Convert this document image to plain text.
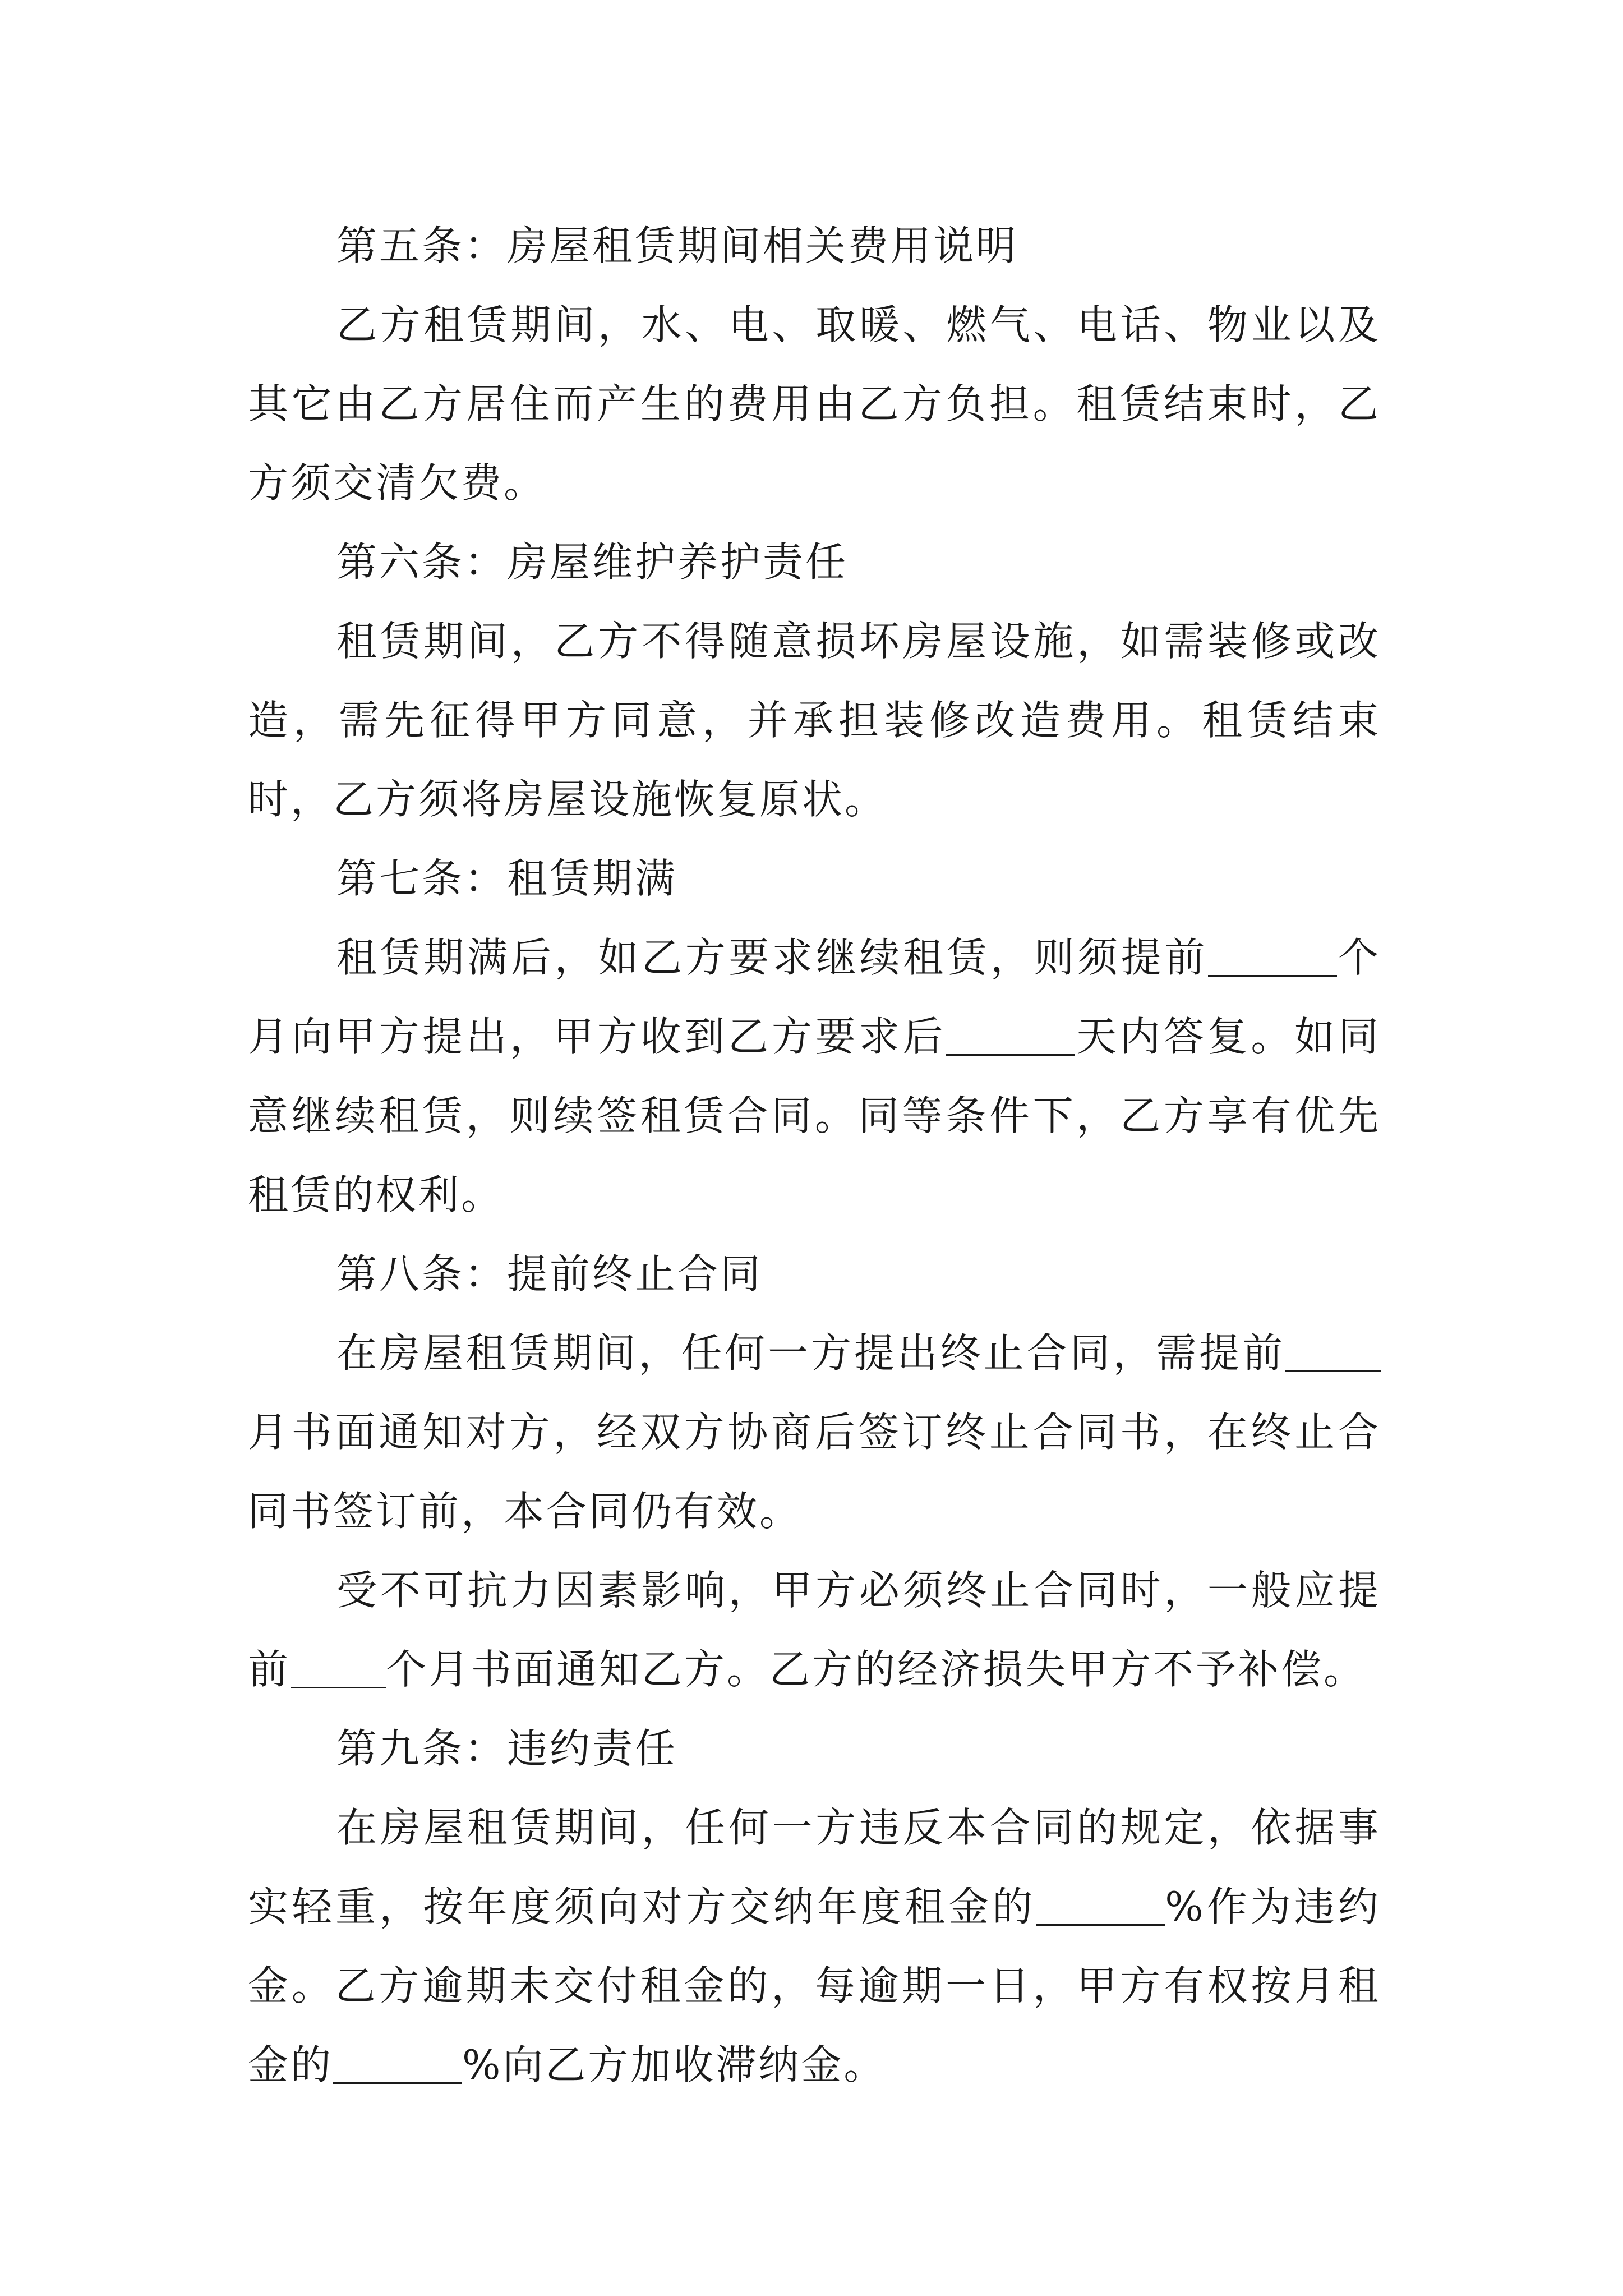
第五条：房屋租赁期间相关费用说明

乙方租赁期间，水、电、取暖、燃气、电话、物业以及其它由乙方居住而产生的费用由乙方负担。租赁结束时，乙方须交清欠费。

第六条：房屋维护养护责任

租赁期间，乙方不得随意损坏房屋设施，如需装修或改造，需先征得甲方同意，并承担装修改造费用。租赁结束时，乙方须将房屋设施恢复原状。

第七条：租赁期满

租赁期满后，如乙方要求继续租赁，则须提前	个月向甲方提出，甲方收到乙方要求后	天内答复。如同意继续租赁，则续签租赁合同。同等条件下，乙方享有优先租赁的权利。

第八条：提前终止合同

在房屋租赁期间，任何一方提出终止合同，需提前月书面通知对方，经双方协商后签订终止合同书，在终止合同书签订前，本合同仍有效。

受不可抗力因素影响，甲方必须终止合同时，一般应提前 个月书面通知乙方。乙方的经济损失甲方不予补偿。

第九条：违约责任

在房屋租赁期间，任何一方违反本合同的规定，依据事实轻重，按年度须向对方交纳年度租金的	%作为违约金。乙方逾期未交付租金的，每逾期一日，甲方有权按月租金的	%向乙方加收滞纳金。
